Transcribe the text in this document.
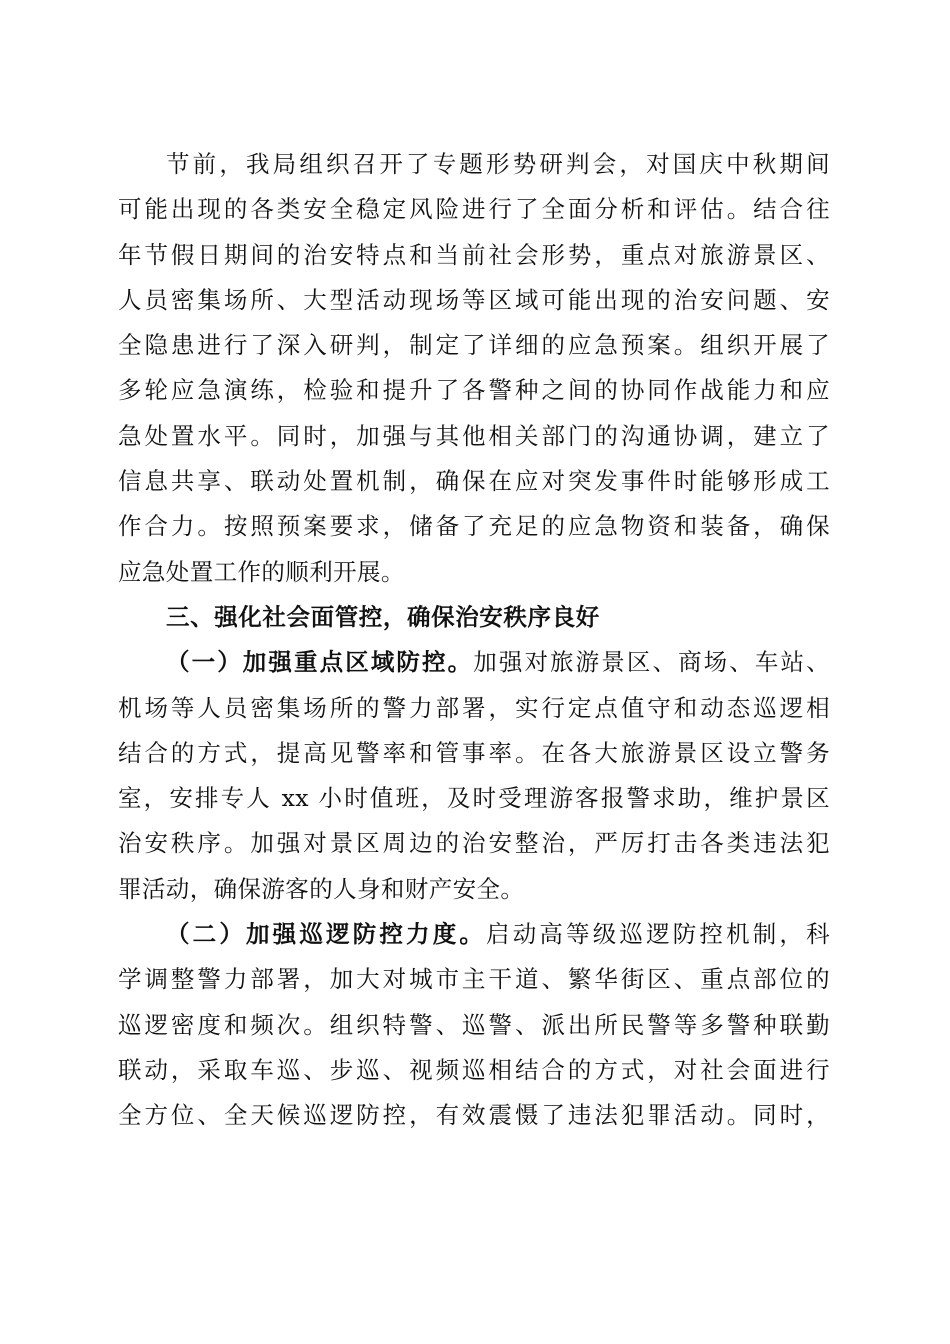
节前，我局组织召开了专题形势研判会，对国庆中秋期间
可能出现的各类安全稳定风险进行了全面分析和评估。结合往
年节假日期间的治安特点和当前社会形势，重点对旅游景区、
人员密集场所、大型活动现场等区域可能出现的治安问题、安
全隐患进行了深入研判，制定了详细的应急预案。组织开展了
多轮应急演练，检验和提升了各警种之间的协同作战能力和应
急处置水平。同时，加强与其他相关部门的沟通协调，建立了
信息共享、联动处置机制，确保在应对突发事件时能够形成工
作合力。按照预案要求，储备了充足的应急物资和装备，确保
应急处置工作的顺利开展。
三、强化社会面管控，确保治安秩序良好
（一）加强重点区域防控。加强对旅游景区、商场、车站、
机场等人员密集场所的警力部署，实行定点值守和动态巡逻相
结合的方式，提高见警率和管事率。在各大旅游景区设立警务
室，安排专人 xx 小时值班，及时受理游客报警求助，维护景区
治安秩序。加强对景区周边的治安整治，严厉打击各类违法犯
罪活动，确保游客的人身和财产安全。
（二）加强巡逻防控力度。启动高等级巡逻防控机制，科
学调整警力部署，加大对城市主干道、繁华街区、重点部位的
巡逻密度和频次。组织特警、巡警、派出所民警等多警种联勤
联动，采取车巡、步巡、视频巡相结合的方式，对社会面进行
全方位、全天候巡逻防控，有效震慑了违法犯罪活动。同时，
